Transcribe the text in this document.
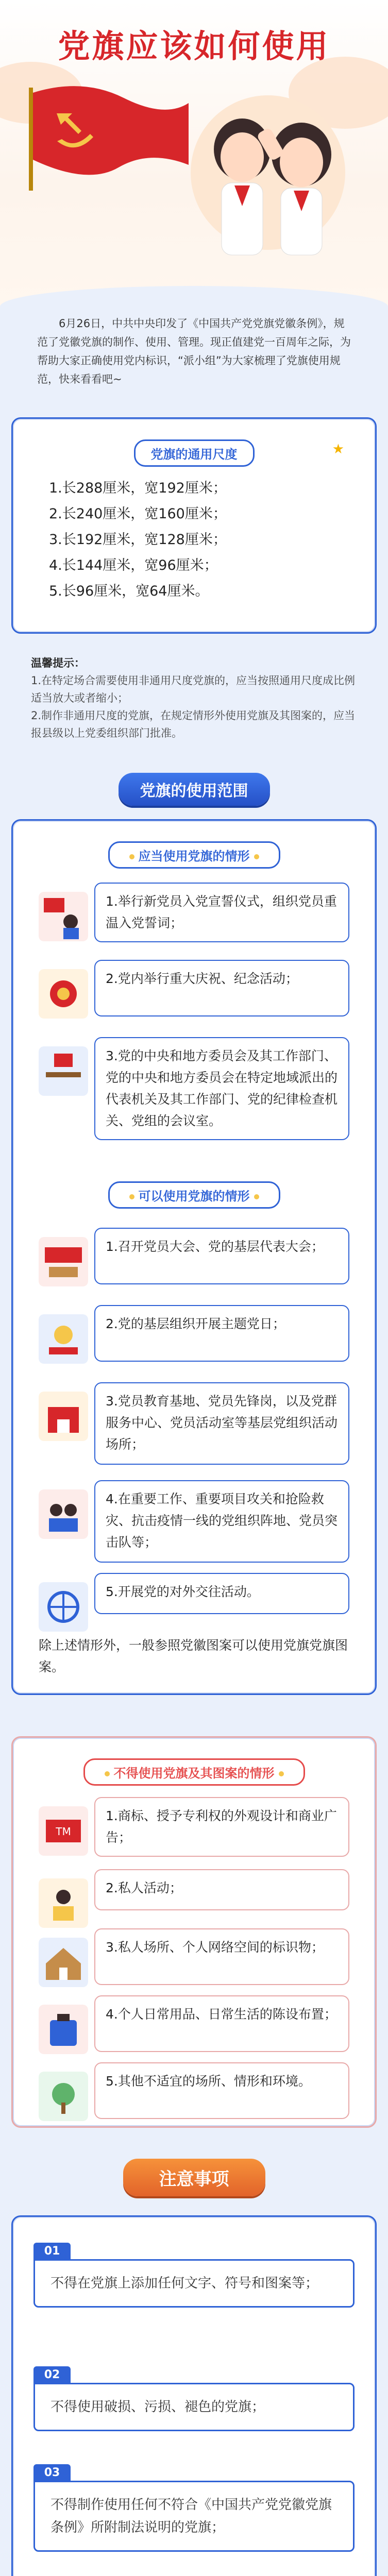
党旗应该如何使用

6月26日，中共中央印发了《中国共产党党旗党徽条例》，规范了党徽党旗的制作、使用、管理。现正值建党一百周年之际，为帮助大家正确使用党内标识，“派小组”为大家梳理了党旗使用规范，快来看看吧~

党旗的通用尺度	★
1.长288厘米，宽192厘米；
2.长240厘米，宽160厘米；
3.长192厘米，宽128厘米；
4.长144厘米，宽96厘米；
5.长96厘米，宽64厘米。
温馨提示：
1.在特定场合需要使用非通用尺度党旗的，应当按照通用尺度成比例适当放大或者缩小；
2.制作非通用尺度的党旗，在规定情形外使用党旗及其图案的，应当报县级以上党委组织部门批准。
党旗的使用范围
应当使用党旗的情形
1.举行新党员入党宣誓仪式，组织党员重温入党誓词；
2.党内举行重大庆祝、纪念活动；
3.党的中央和地方委员会及其工作部门、党的中央和地方委员会在特定地域派出的代表机关及其工作部门、党的纪律检查机关、党组的会议室。
可以使用党旗的情形
1.召开党员大会、党的基层代表大会；
2.党的基层组织开展主题党日；
3.党员教育基地、党员先锋岗，以及党群服务中心、党员活动室等基层党组织活动场所；
4.在重要工作、重要项目攻关和抢险救灾、抗击疫情一线的党组织阵地、党员突击队等；
5.开展党的对外交往活动。

除上述情形外，一般参照党徽图案可以使用党旗党旗图案。

不得使用党旗及其图案的情形
TM
1.商标、授予专利权的外观设计和商业广告；
2.私人活动；
3.私人场所、个人网络空间的标识物；
4.个人日常用品、日常生活的陈设布置；
5.其他不适宜的场所、情形和环境。
注意事项
01
不得在党旗上添加任何文字、符号和图案等；
02
不得使用破损、污损、褪色的党旗；
03
不得制作使用任何不符合《中国共产党党徽党旗条例》所附制法说明的党旗；
